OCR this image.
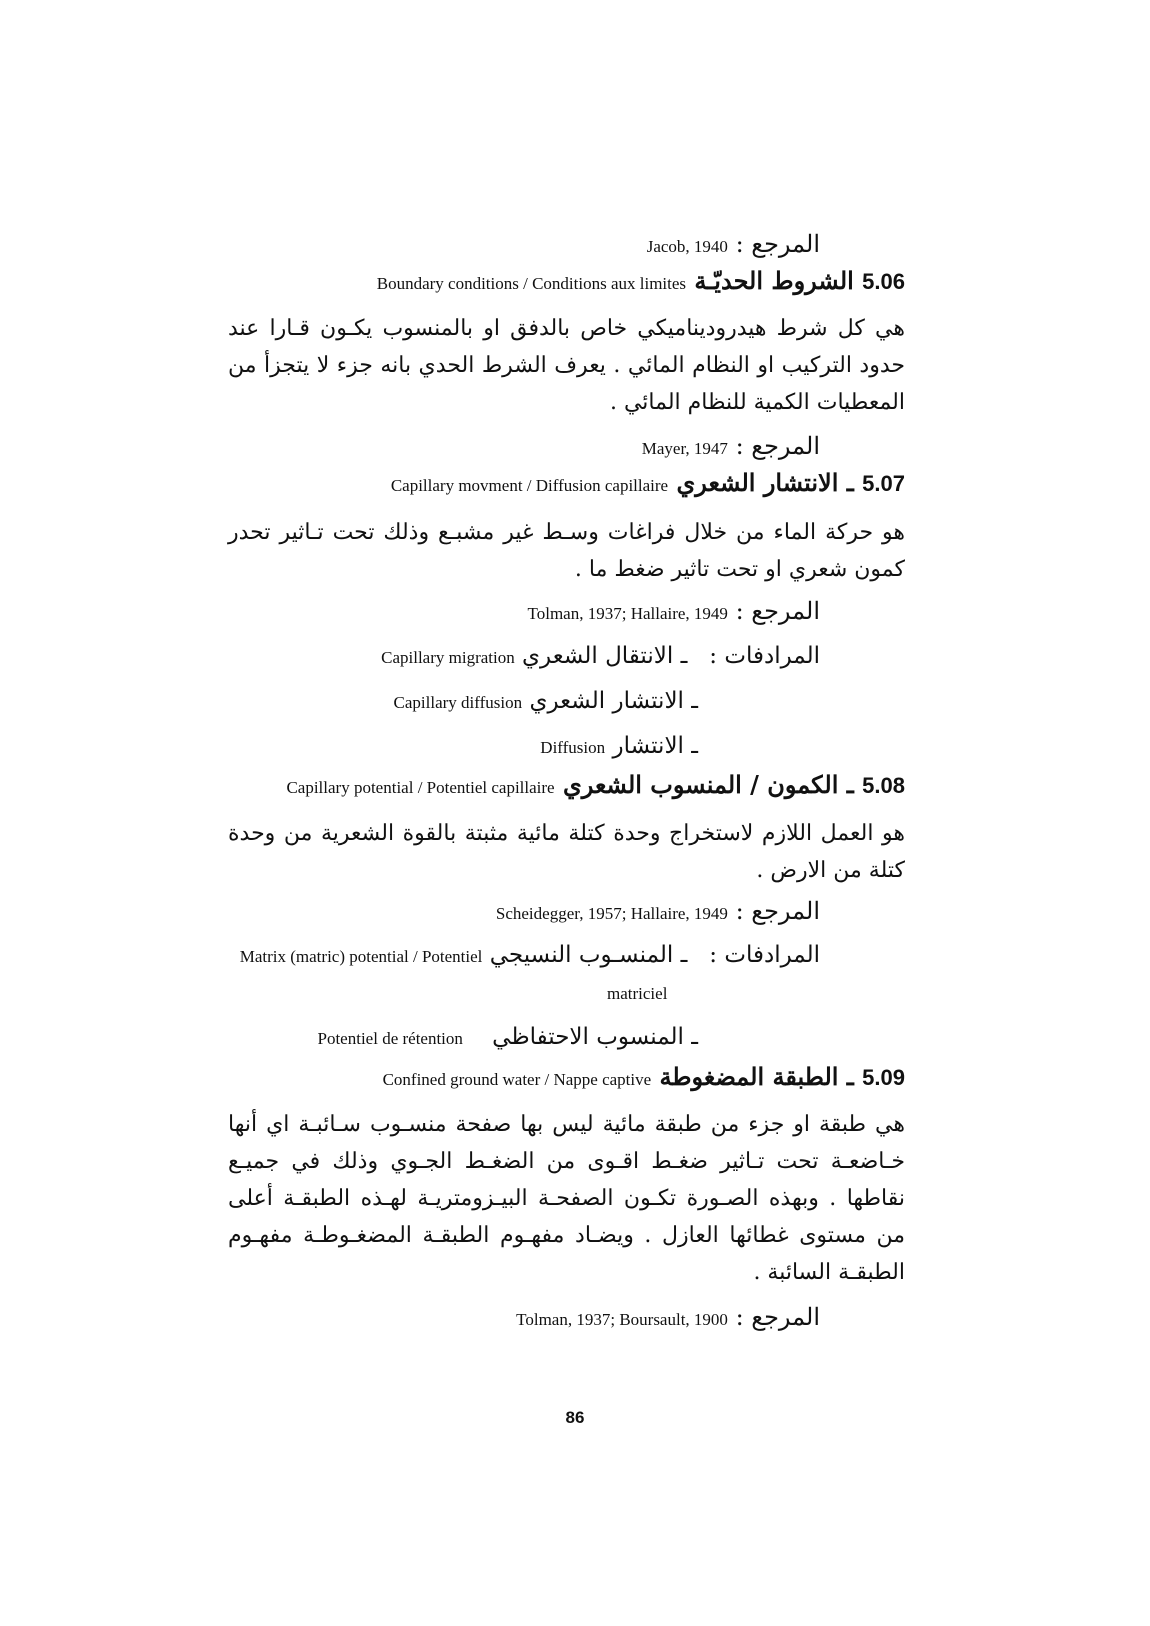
المرجع : Jacob, 1940
5.06 الشروط الحديّـة Boundary conditions / Conditions aux limites
هي كل شرط هيدروديناميكي خاص بالدفق او بالمنسوب يكـون قـارا عند حدود التركيب او النظام المائي . يعرف الشرط الحدي بانه جزء لا يتجزأ من المعطيات الكمية للنظام المائي .
المرجع : Mayer, 1947
5.07 ـ الانتشار الشعري Capillary movment / Diffusion capillaire
هو حركة الماء من خلال فراغات وسـط غير مشبـع وذلك تحت تـاثير تحدر كمون شعري او تحت تاثير ضغط ما .
المرجع : Tolman, 1937; Hallaire, 1949
المرادفات :   ـ الانتقال الشعري Capillary migration
ـ الانتشار الشعري Capillary diffusion
ـ الانتشار Diffusion
5.08 ـ الكمون / المنسوب الشعري Capillary potential / Potentiel capillaire
هو العمل اللازم لاستخراج وحدة كتلة مائية مثبتة بالقوة الشعرية من وحدة كتلة من الارض .
المرجع : Scheidegger, 1957; Hallaire, 1949
المرادفات :   ـ المنسـوب النسيجي Matrix (matric) potential / Potentiel
matriciel
ـ المنسوب الاحتفاظي    Potentiel de rétention
5.09 ـ الطبقة المضغوطة Confined ground water / Nappe captive
هي طبقة او جزء من طبقة مائية ليس بها صفحة منسـوب سـائبـة اي أنها خـاضعـة تحت تـاثير ضغـط اقـوى من الضغـط الجـوي وذلك في جميـع نقاطها . وبهذه الصـورة تكـون الصفحـة البيـزومتريـة لهـذه الطبقـة أعلى من مستوى غطائها العازل . ويضـاد مفهـوم الطبقـة المضغـوطـة مفهـوم الطبقـة السائبة .
المرجع : Tolman, 1937; Boursault, 1900
86
